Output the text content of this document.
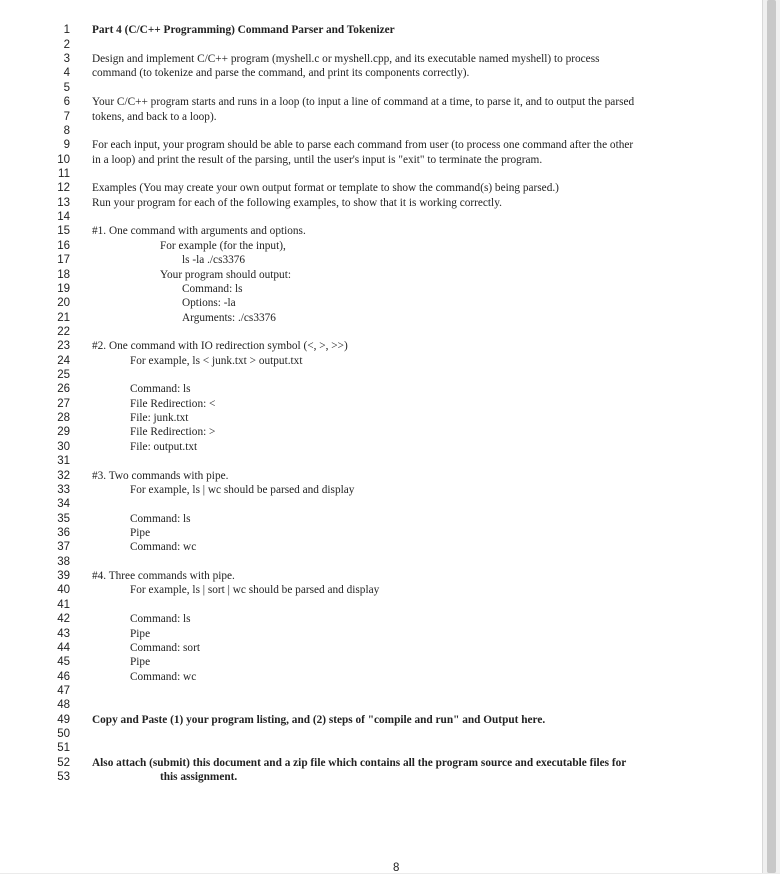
1 Part 4 (C/C++ Programming) Command Parser and Tokenizer
2
3 Design and implement C/C++ program (myshell.c or myshell.cpp, and its executable named myshell) to process
4 command (to tokenize and parse the command, and print its components correctly).
5
6 Your C/C++ program starts and runs in a loop (to input a line of command at a time, to parse it, and to output the parsed
7 tokens, and back to a loop).
8
9 For each input, your program should be able to parse each command from user (to process one command after the other
10 in a loop) and print the result of the parsing, until the user's input is "exit" to terminate the program.
11
12 Examples (You may create your own output format or template to show the command(s) being parsed.)
13 Run your program for each of the following examples, to show that it is working correctly.
14
15 #1. One command with arguments and options.
16	For example (for the input),
17	ls -la ./cs3376
18	Your program should output:
19	Command: ls
20	Options: -la
21	Arguments: ./cs3376
22
23 #2. One command with IO redirection symbol (<, >, >>)
24	For example, ls < junk.txt > output.txt
25
26	Command: ls
27	File Redirection: <
28	File: junk.txt
29	File Redirection: >
30	File: output.txt
31
32 #3. Two commands with pipe.
33	For example, ls | wc should be parsed and display
34
35	Command: ls
36	Pipe
37	Command: wc
38
39 #4. Three commands with pipe.
40	For example, ls | sort | wc should be parsed and display
41
42	Command: ls
43	Pipe
44	Command: sort
45	Pipe
46	Command: wc
47
48
49 Copy and Paste (1) your program listing, and (2) steps of "compile and run" and Output here.
50
51
52 Also attach (submit) this document and a zip file which contains all the program source and executable files for
53	this assignment.
8
